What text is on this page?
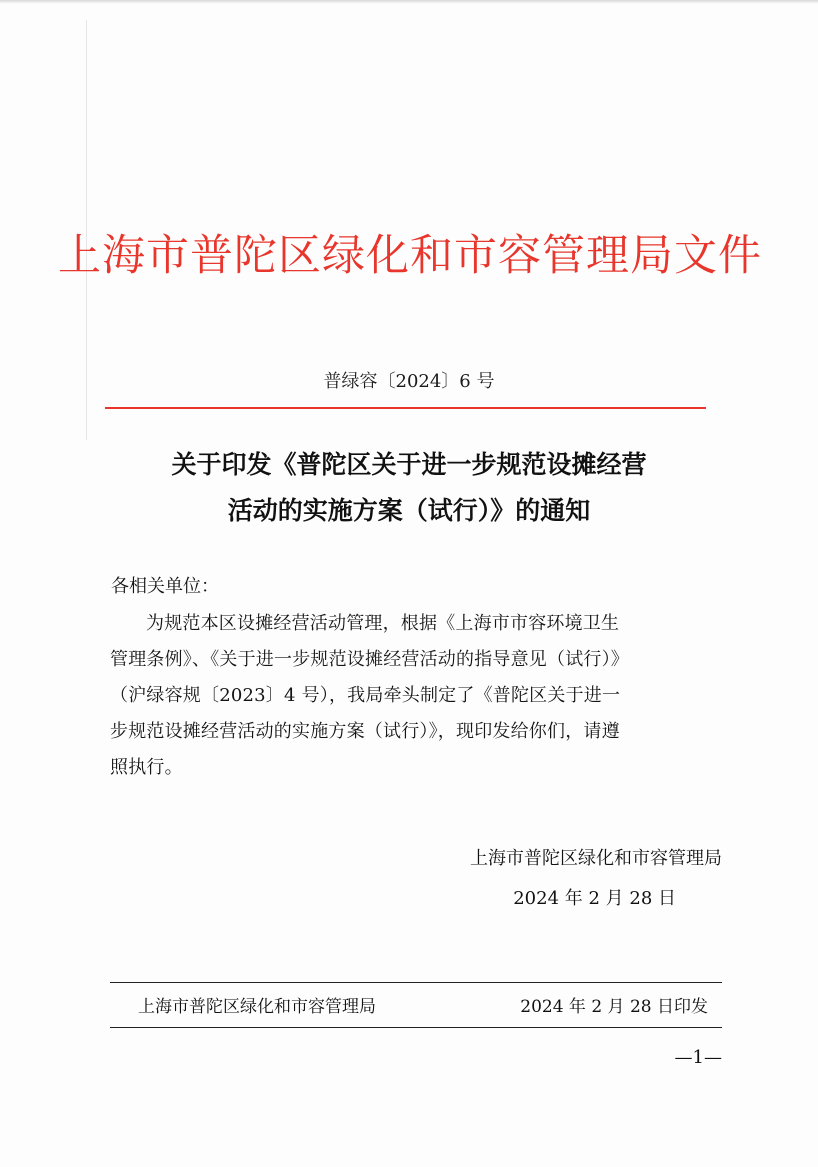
上海市普陀区绿化和市容管理局文件
普绿容〔2024〕6 号
关于印发《普陀区关于进一步规范设摊经营
活动的实施方案（试行）》的通知
各相关单位：
为规范本区设摊经营活动管理，根据《上海市市容环境卫生
管理条例》、《关于进一步规范设摊经营活动的指导意见（试行）》
（沪绿容规〔2023〕4 号），我局牵头制定了《普陀区关于进一
步规范设摊经营活动的实施方案（试行）》，现印发给你们，请遵
照执行。
上海市普陀区绿化和市容管理局
2024 年 2 月 28 日
上海市普陀区绿化和市容管理局	2024 年 2 月 28 日印发
—1—
